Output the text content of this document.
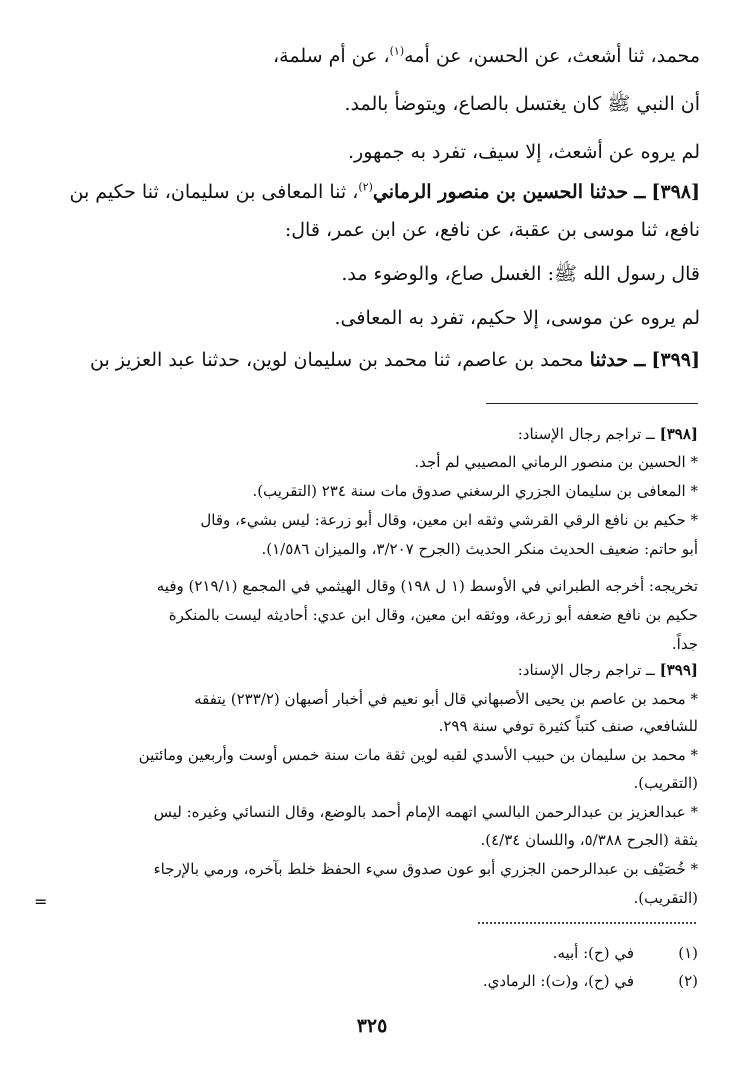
محمد، ثنا أشعث، عن الحسن، عن أمه$^{(١)}$، عن أم سلمة،
أن النبي ﷺ كان يغتسل بالصاع، ويتوضأ بالمد.
لم يروه عن أشعث، إلا سيف، تفرد به جمهور.
[٣٩٨] ــ حدثنا الحسين بن منصور الرماني$^{(٢)}$، ثنا المعافى بن سليمان، ثنا حكيم بن
نافع، ثنا موسى بن عقبة، عن نافع، عن ابن عمر، قال:
قال رسول الله ﷺ: الغسل صاع، والوضوء مد.
لم يروه عن موسى، إلا حكيم، تفرد به المعافى.
[٣٩٩] ــ حدثنا محمد بن عاصم، ثنا محمد بن سليمان لوين، حدثنا عبد العزيز بن
[٣٩٨] ــ تراجم رجال الإسناد:
* الحسين بن منصور الرماني المصيبي لم أجد.
* المعافى بن سليمان الجزري الرسغني صدوق مات سنة ٢٣٤ (التقريب).
* حكيم بن نافع الرقي القرشي وثقه ابن معين، وقال أبو زرعة: ليس بشيء، وقال
أبو حاتم: ضعيف الحديث منكر الحديث (الجرح ٣/٢٠٧، والميزان ١/٥٨٦).
تخريجه: أخرجه الطبراني في الأوسط (١ ل ١٩٨) وقال الهيثمي في المجمع (٢١٩/١) وفيه
حكيم بن نافع ضعفه أبو زرعة، ووثقه ابن معين، وقال ابن عدي: أحاديثه ليست بالمنكرة
جداً.
[٣٩٩] ــ تراجم رجال الإسناد:
* محمد بن عاصم بن يحيى الأصبهاني قال أبو نعيم في أخبار أصبهان (٢٣٣/٢) يتفقه
للشافعي، صنف كتباً كثيرة توفي سنة ٢٩٩.
* محمد بن سليمان بن حبيب الأسدي لقبه لوين ثقة مات سنة خمس أوست وأربعين ومائتين
(التقريب).
* عبدالعزيز بن عبدالرحمن البالسي اتهمه الإمام أحمد بالوضع، وقال النسائي وغيره: ليس
بثقة (الجرح ٥/٣٨٨، واللسان ٤/٣٤).
* خُصَيْف بن عبدالرحمن الجزري أبو عون صدوق سيء الحفظ خلط بآخره، ورمي بالإرجاء
(التقريب).
=
(١)
في (ح): أبيه.
(٢)
في (ح)، و(ت): الرمادي.
٣٢٥
